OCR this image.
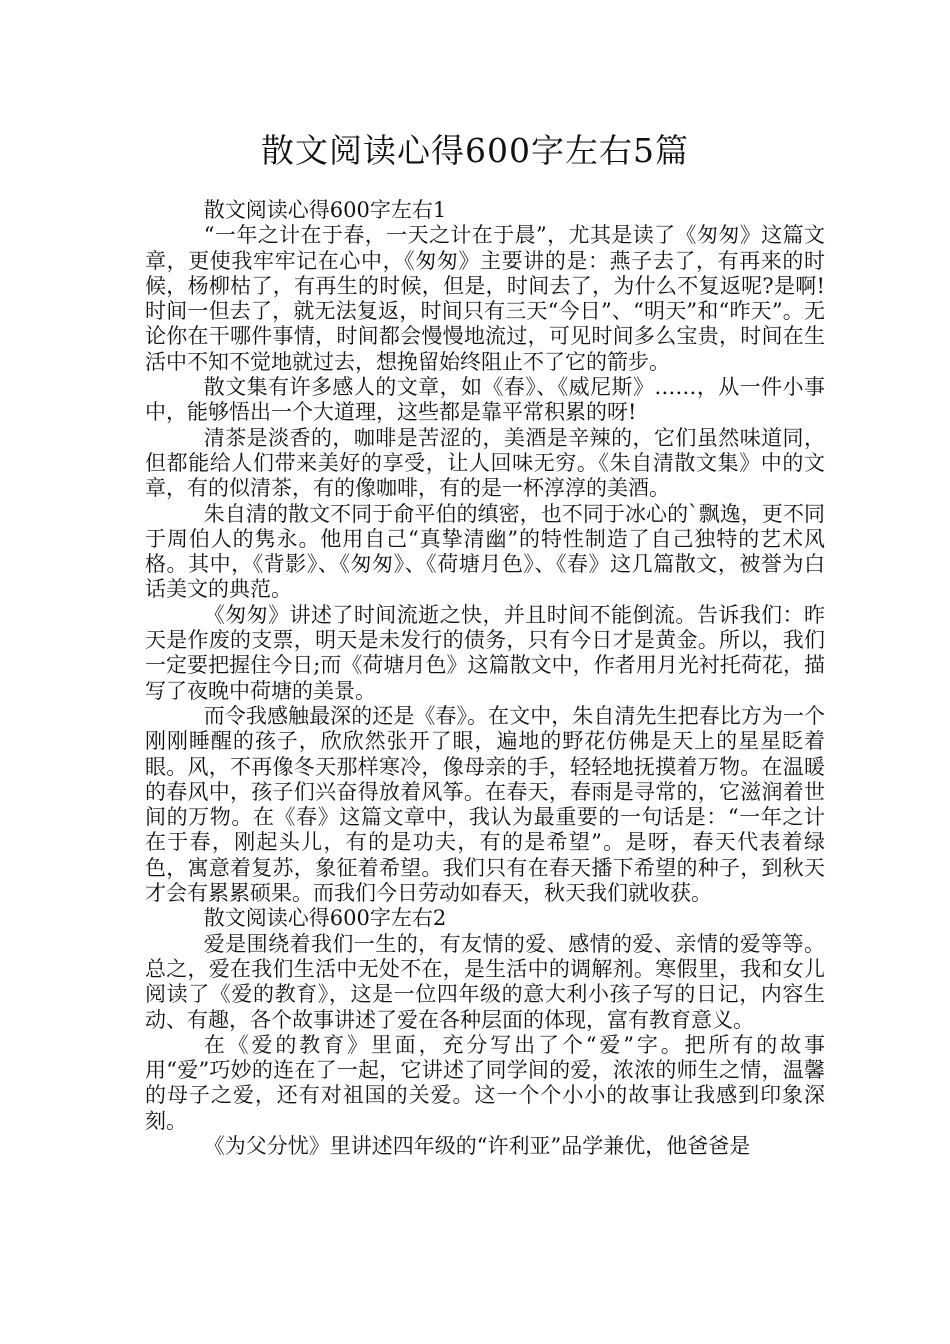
散文阅读心得600字左右5篇

散文阅读心得600字左右1

“一年之计在于春，一天之计在于晨”，尤其是读了《匆匆》这篇文章，更使我牢牢记在心中，《匆匆》主要讲的是：燕子去了，有再来的时候，杨柳枯了，有再生的时候，但是，时间去了，为什么不复返呢?是啊!时间一但去了，就无法复返，时间只有三天“今日”、“明天”和“昨天”。无论你在干哪件事情，时间都会慢慢地流过，可见时间多么宝贵，时间在生活中不知不觉地就过去，想挽留始终阻止不了它的箭步。

散文集有许多感人的文章，如《春》、《威尼斯》……，从一件小事中，能够悟出一个大道理，这些都是靠平常积累的呀!

清茶是淡香的，咖啡是苦涩的，美酒是辛辣的，它们虽然味道同，但都能给人们带来美好的享受，让人回味无穷。《朱自清散文集》中的文章，有的似清茶，有的像咖啡，有的是一杯淳淳的美酒。

朱自清的散文不同于俞平伯的缜密，也不同于冰心的`飘逸，更不同于周伯人的隽永。他用自己“真挚清幽”的特性制造了自己独特的艺术风格。其中，《背影》、《匆匆》、《荷塘月色》、《春》这几篇散文，被誉为白话美文的典范。

《匆匆》讲述了时间流逝之快，并且时间不能倒流。告诉我们：昨天是作废的支票，明天是未发行的债务，只有今日才是黄金。所以，我们一定要把握住今日;而《荷塘月色》这篇散文中，作者用月光衬托荷花，描写了夜晚中荷塘的美景。

而令我感触最深的还是《春》。在文中，朱自清先生把春比方为一个刚刚睡醒的孩子，欣欣然张开了眼，遍地的野花仿佛是天上的星星眨着眼。风，不再像冬天那样寒冷，像母亲的手，轻轻地抚摸着万物。在温暖的春风中，孩子们兴奋得放着风筝。在春天，春雨是寻常的，它滋润着世间的万物。在《春》这篇文章中，我认为最重要的一句话是：“一年之计在于春，刚起头儿，有的是功夫，有的是希望”。是呀，春天代表着绿色，寓意着复苏，象征着希望。我们只有在春天播下希望的种子，到秋天才会有累累硕果。而我们今日劳动如春天，秋天我们就收获。

散文阅读心得600字左右2

爱是围绕着我们一生的，有友情的爱、感情的爱、亲情的爱等等。总之，爱在我们生活中无处不在，是生活中的调解剂。寒假里，我和女儿阅读了《爱的教育》，这是一位四年级的意大利小孩子写的日记，内容生动、有趣，各个故事讲述了爱在各种层面的体现，富有教育意义。

在《爱的教育》里面，充分写出了个“爱”字。把所有的故事用“爱”巧妙的连在了一起，它讲述了同学间的爱，浓浓的师生之情，温馨的母子之爱，还有对祖国的关爱。这一个个小小的故事让我感到印象深刻。

《为父分忧》里讲述四年级的“许利亚”品学兼优，他爸爸是
